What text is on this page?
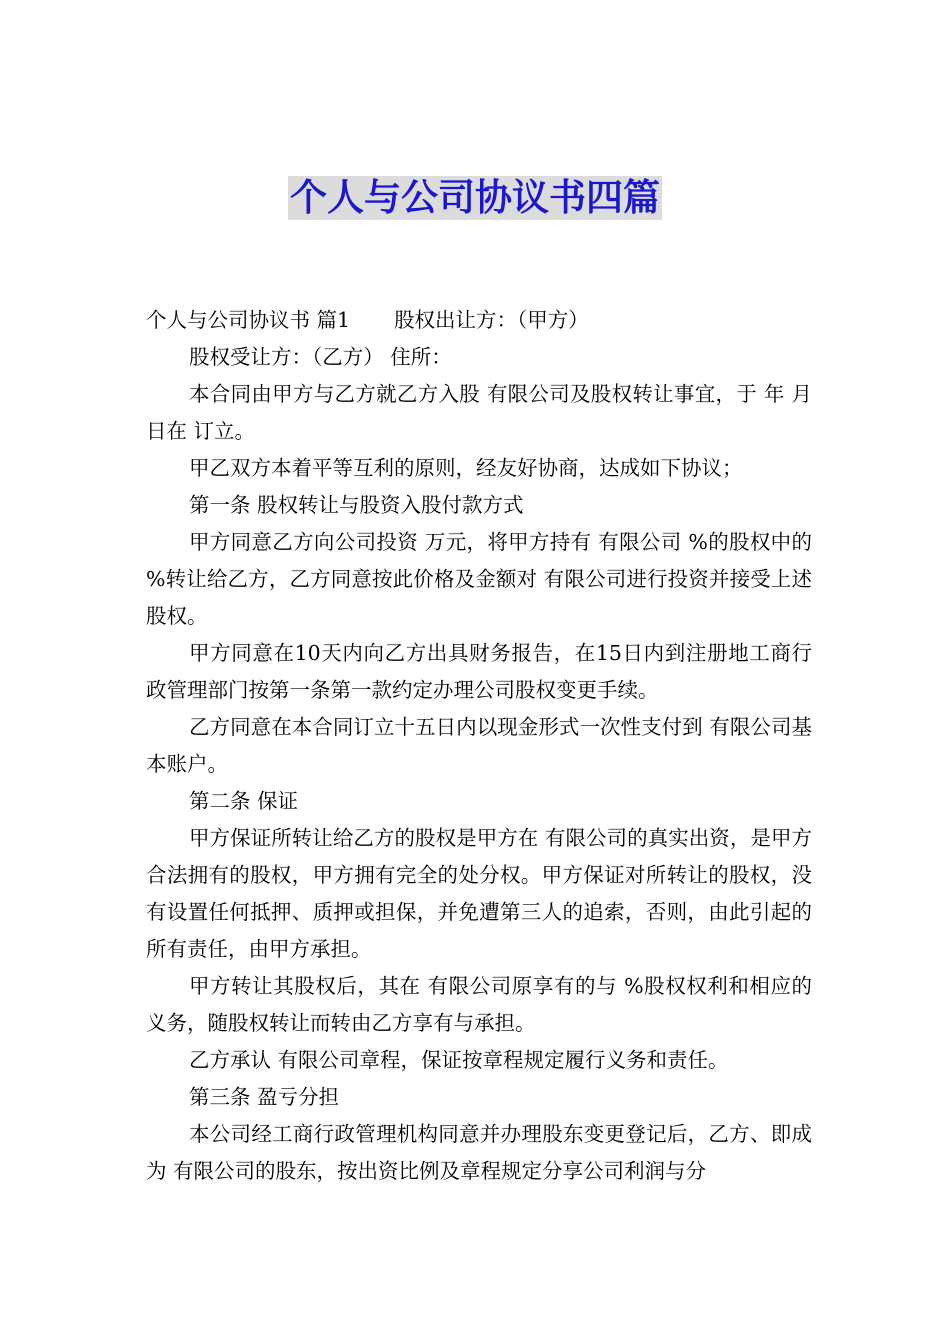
个人与公司协议书四篇

个人与公司协议书 篇1 股权出让方：（甲方）

股权受让方：（乙方） 住所：

本合同由甲方与乙方就乙方入股 有限公司及股权转让事宜，于 年 月 日在 订立。

甲乙双方本着平等互利的原则，经友好协商，达成如下协议；

第一条 股权转让与股资入股付款方式

甲方同意乙方向公司投资 万元，将甲方持有 有限公司 %的股权中的 %转让给乙方，乙方同意按此价格及金额对 有限公司进行投资并接受上述股权。

甲方同意在10天内向乙方出具财务报告，在15日内到注册地工商行政管理部门按第一条第一款约定办理公司股权变更手续。

乙方同意在本合同订立十五日内以现金形式一次性支付到 有限公司基本账户。

第二条 保证

甲方保证所转让给乙方的股权是甲方在 有限公司的真实出资，是甲方合法拥有的股权，甲方拥有完全的处分权。甲方保证对所转让的股权，没有设置任何抵押、质押或担保，并免遭第三人的追索，否则，由此引起的所有责任，由甲方承担。

甲方转让其股权后，其在 有限公司原享有的与 %股权权利和相应的义务，随股权转让而转由乙方享有与承担。

乙方承认 有限公司章程，保证按章程规定履行义务和责任。

第三条 盈亏分担

本公司经工商行政管理机构同意并办理股东变更登记后，乙方、即成为 有限公司的股东，按出资比例及章程规定分享公司利润与分
